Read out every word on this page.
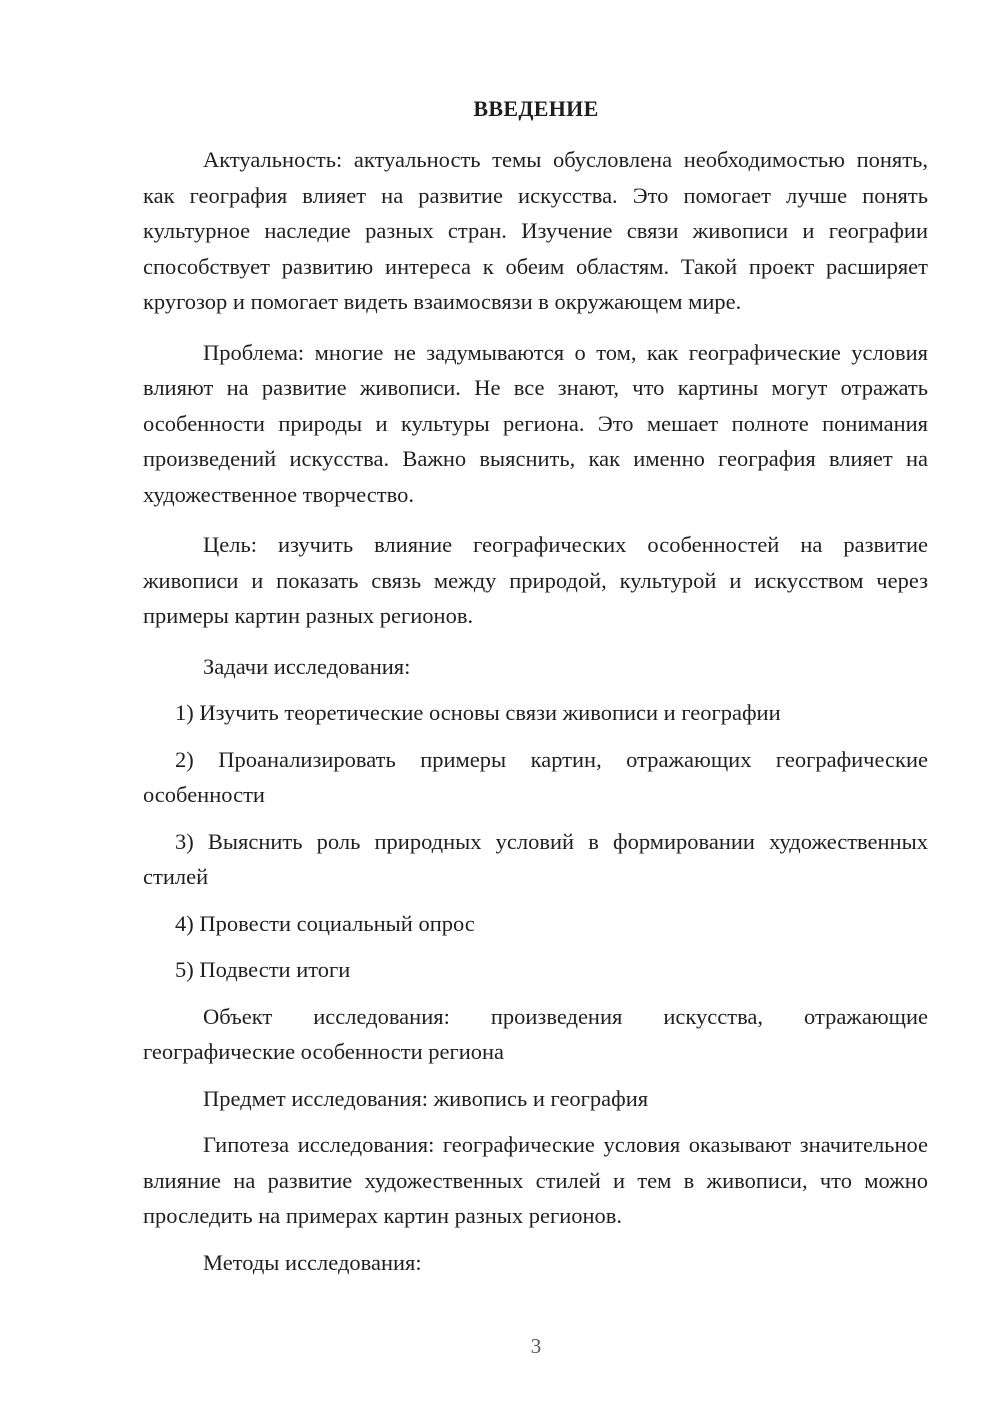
ВВЕДЕНИЕ

Актуальность: актуальность темы обусловлена необходимостью понять, как география влияет на развитие искусства. Это помогает лучше понять культурное наследие разных стран. Изучение связи живописи и географии способствует развитию интереса к обеим областям. Такой проект расширяет кругозор и помогает видеть взаимосвязи в окружающем мире.

Проблема: многие не задумываются о том, как географические условия влияют на развитие живописи. Не все знают, что картины могут отражать особенности природы и культуры региона. Это мешает полноте понимания произведений искусства. Важно выяснить, как именно география влияет на художественное творчество.

Цель: изучить влияние географических особенностей на развитие живописи и показать связь между природой, культурой и искусством через примеры картин разных регионов.

Задачи исследования:

1) Изучить теоретические основы связи живописи и географии

2) Проанализировать примеры картин, отражающих географические особенности

3) Выяснить роль природных условий в формировании художественных стилей

4) Провести социальный опрос

5) Подвести итоги

Объект исследования: произведения искусства, отражающие географические особенности региона

Предмет исследования: живопись и география

Гипотеза исследования: географические условия оказывают значительное влияние на развитие художественных стилей и тем в живописи, что можно проследить на примерах картин разных регионов.

Методы исследования:

3
